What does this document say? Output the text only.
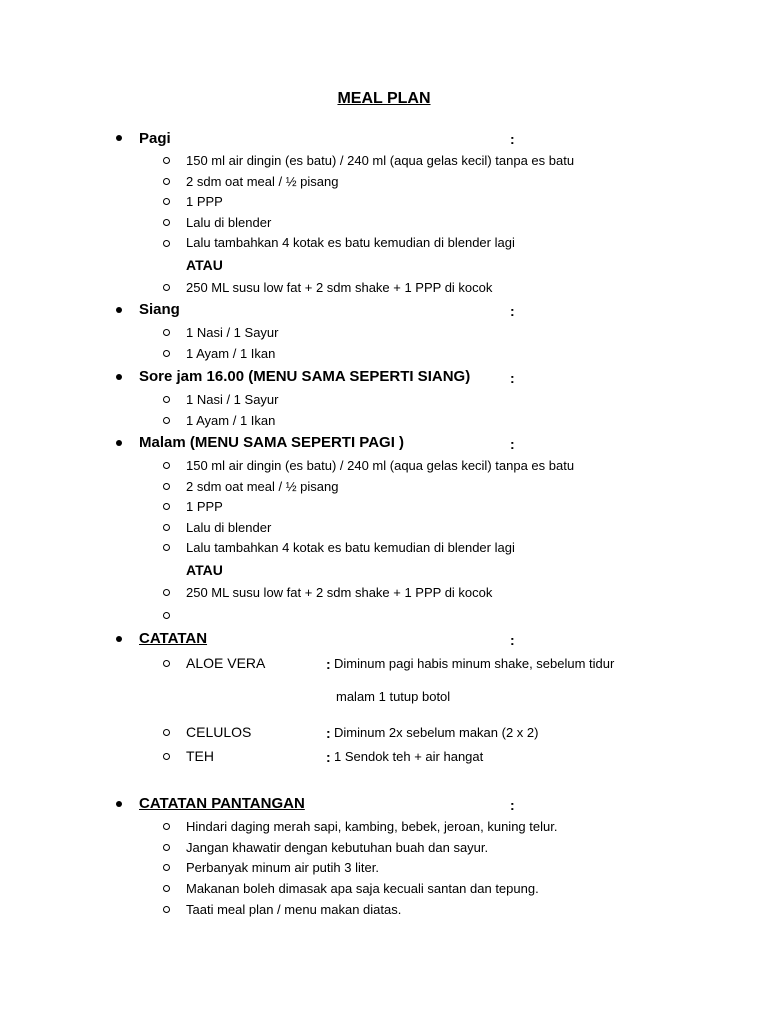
MEAL PLAN
Pagi	:
150 ml air dingin (es batu) / 240 ml (aqua gelas kecil) tanpa es batu
2 sdm oat meal / ½ pisang
1 PPP
Lalu di blender
Lalu tambahkan 4 kotak es batu kemudian di blender lagi
ATAU
250 ML susu low fat + 2 sdm shake + 1 PPP di kocok
Siang	:
1 Nasi / 1 Sayur
1 Ayam / 1 Ikan
Sore jam 16.00 (MENU SAMA SEPERTI SIANG)	:
1 Nasi / 1 Sayur
1 Ayam / 1 Ikan
Malam (MENU SAMA SEPERTI PAGI )	:
150 ml air dingin (es batu) / 240 ml (aqua gelas kecil) tanpa es batu
2 sdm oat meal / ½ pisang
1 PPP
Lalu di blender
Lalu tambahkan 4 kotak es batu kemudian di blender lagi
ATAU
250 ML susu low fat + 2 sdm shake + 1 PPP di kocok
CATATAN	:
ALOE VERA	: Diminum pagi habis minum shake, sebelum tidur
malam 1 tutup botol
CELULOS	: Diminum 2x sebelum makan (2 x 2)
TEH	: 1 Sendok teh + air hangat
CATATAN PANTANGAN	:
Hindari daging merah sapi, kambing, bebek, jeroan, kuning telur.
Jangan khawatir dengan kebutuhan buah dan sayur.
Perbanyak minum air putih 3 liter.
Makanan boleh dimasak apa saja kecuali santan dan tepung.
Taati meal plan / menu makan diatas.
